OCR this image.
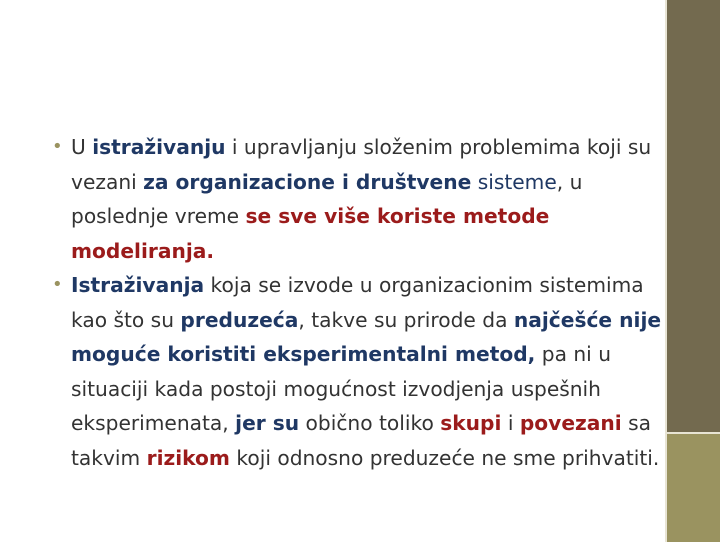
• U istraživanju i upravljanju složenim problemima koji su vezani za organizacione i društvene sisteme, u poslednje vreme se sve više koriste metode modeliranja.
• Istraživanja koja se izvode u organizacionim sistemima kao što su preduzeća, takve su prirode da najčešće nije moguće koristiti eksperimentalni metod, pa ni u situaciji kada postoji mogućnost izvodjenja uspešnih eksperimenata, jer su obično toliko skupi i povezani sa takvim rizikom koji odnosno preduzeće ne sme prihvatiti.
